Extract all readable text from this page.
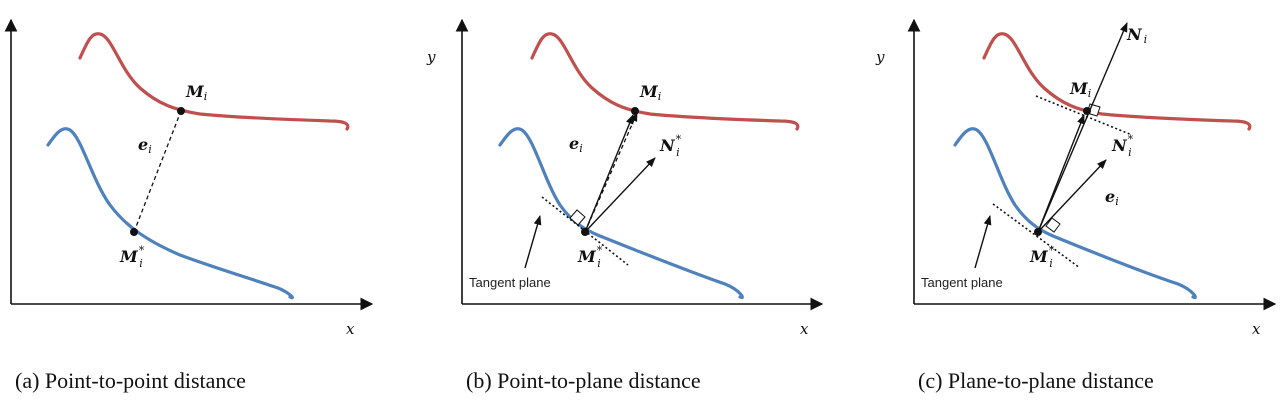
x
Mi
ei
M* i
(a) Point-to-point distance
y
x
Mi
ei	N* i
M* i
Tangent plane
(b) Point-to-plane distance
y
x
N i
Mi
N* i
ei
M* i
Tangent plane
(c) Plane-to-plane distance
